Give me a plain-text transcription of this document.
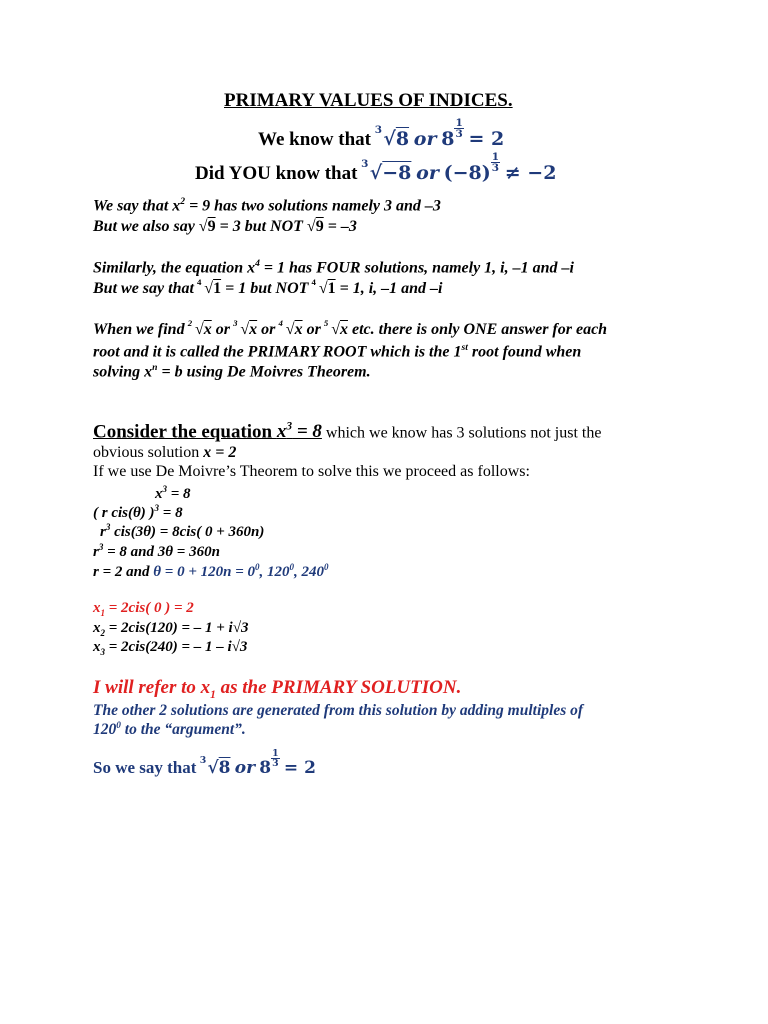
PRIMARY VALUES OF INDICES.
We know that 3 √8 or $8 \frac{1}{3} = 2$
Did YOU know that 3 √−8 or $(-8) \frac{1}{3} \ne -2$
We say that $x^2 = 9$ has two solutions namely 3 and –3
But we also say √9 = 3 but NOT √9 = –3
Similarly, the equation $x^4 = 1$ has FOUR solutions, namely 1, i, –1 and –i
But we say that 4 √1 = 1 but NOT 4 √1 = 1, i, –1 and –i
When we find 2 √x or 3 √x or 4 √x or 5 √x etc. there is only ONE answer for each
root and it is called the PRIMARY ROOT which is the 1st root found when
solving $x^n = b$ using De Moivres Theorem.
Consider the equation $x^3 = 8$ which we know has 3 solutions not just the
obvious solution x = 2
If we use De Moivre’s Theorem to solve this we proceed as follows:
$x^3 = 8$
( r cis(θ) )$^3$ = 8
$r^3$ cis(3θ) = 8cis( 0 + 360n)
$r^3 = 8$ and 3θ = 360n
r = 2 and $\theta = 0 + 120n = 0^0$, $120^0$, $240^0$
$x_1 = 2cis$( 0 ) = 2
$x_2 = 2cis(120)$ = – 1 + i√3
$x_3 = 2cis(240)$ = – 1 – i√3
I will refer to $x_1$ as the PRIMARY SOLUTION.
The other 2 solutions are generated from this solution by adding multiples of
$120^0$ to the “argument”.
So we say that 3 √8 or $8 \frac{1}{3} = 2$
